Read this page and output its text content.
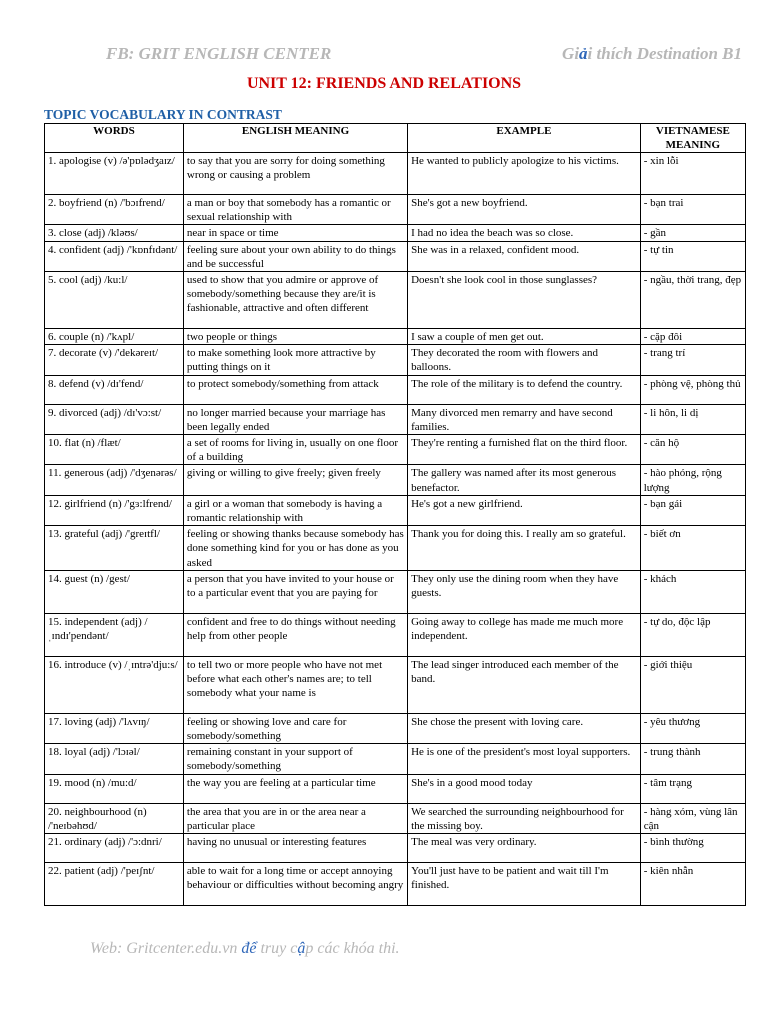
FB: GRIT ENGLISH CENTER	Giải thích Destination B1
UNIT 12: FRIENDS AND RELATIONS
TOPIC VOCABULARY IN CONTRAST
WORDS	ENGLISH MEANING	EXAMPLE	VIETNAMESE MEANING
1. apologise (v) /ə'pɒlədʒaɪz/	to say that you are sorry for doing something wrong or causing a problem	He wanted to publicly apologize to his victims.	- xin lỗi
2. boyfriend (n) /'bɔɪfrend/	a man or boy that somebody has a romantic or sexual relationship with	She's got a new boyfriend.	- bạn trai
3. close (adj) /kləʊs/	near in space or time	I had no idea the beach was so close.	- gần
4. confident (adj) /'kɒnfɪdənt/	feeling sure about your own ability to do things and be successful	She was in a relaxed, confident mood.	- tự tin
5. cool (adj) /ku:l/	used to show that you admire or approve of somebody/something because they are/it is fashionable, attractive and often different	Doesn't she look cool in those sunglasses?	- ngầu, thời trang, đẹp
6. couple (n) /'kʌpl/	two people or things	I saw a couple of men get out.	- cặp đôi
7. decorate (v) /'dekəreɪt/	to make something look more attractive by putting things on it	They decorated the room with flowers and balloons.	- trang trí
8. defend (v) /dɪ'fend/	to protect somebody/something from attack	The role of the military is to defend the country.	- phòng vệ, phòng thủ
9. divorced (adj) /dɪ'vɔ:st/	no longer married because your marriage has been legally ended	Many divorced men remarry and have second families.	- li hôn, li dị
10. flat (n) /flæt/	a set of rooms for living in, usually on one floor of a building	They're renting a furnished flat on the third floor.	- căn hộ
11. generous (adj) /'dʒenərəs/	giving or willing to give freely; given freely	The gallery was named after its most generous benefactor.	- hào phóng, rộng lượng
12. girlfriend (n) /'gɜ:lfrend/	a girl or a woman that somebody is having a romantic relationship with	He's got a new girlfriend.	- bạn gái
13. grateful (adj) /'greɪtfl/	feeling or showing thanks because somebody has done something kind for you or has done as you asked	Thank you for doing this. I really am so grateful.	- biết ơn
14. guest (n) /gest/	a person that you have invited to your house or to a particular event that you are paying for	They only use the dining room when they have guests.	- khách
15. independent (adj) /ˌɪndɪ'pendənt/	confident and free to do things without needing help from other people	Going away to college has made me much more independent.	- tự do, độc lập
16. introduce (v) /ˌɪntrə'dju:s/	to tell two or more people who have not met before what each other's names are; to tell somebody what your name is	The lead singer introduced each member of the band.	- giới thiệu
17. loving (adj) /'lʌvɪŋ/	feeling or showing love and care for somebody/something	She chose the present with loving care.	- yêu thương
18. loyal (adj) /'lɔɪəl/	remaining constant in your support of somebody/something	He is one of the president's most loyal supporters.	- trung thành
19. mood (n) /mu:d/	the way you are feeling at a particular time	She's in a good mood today	- tâm trạng
20. neighbourhood (n) /'neɪbəhʊd/	the area that you are in or the area near a particular place	We searched the surrounding neighbourhood for the missing boy.	- hàng xóm, vùng lân cận
21. ordinary (adj) /'ɔ:dnri/	having no unusual or interesting features	The meal was very ordinary.	- bình thường
22. patient (adj) /'peɪʃnt/	able to wait for a long time or accept annoying behaviour or difficulties without becoming angry	You'll just have to be patient and wait till I'm finished.	- kiên nhẫn
Web: Gritcenter.edu.vn để truy cập các khóa thi.
